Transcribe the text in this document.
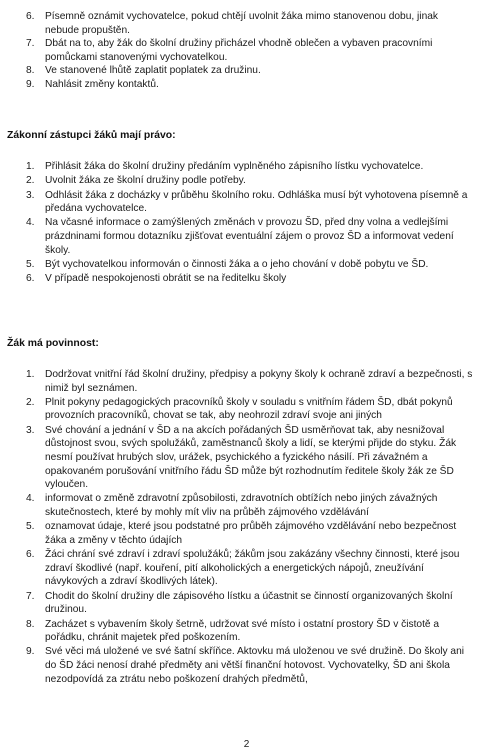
6. Písemně oznámit vychovatelce, pokud chtějí uvolnit žáka mimo stanovenou dobu, jinak nebude propuštěn.
7. Dbát na to, aby žák do školní družiny přicházel vhodně oblečen a vybaven pracovními pomůckami stanovenými vychovatelkou.
8. Ve stanovené lhůtě zaplatit poplatek za družinu.
9. Nahlásit změny kontaktů.
Zákonní zástupci žáků mají právo:
1. Přihlásit žáka do školní družiny předáním vyplněného zápisního lístku vychovatelce.
2. Uvolnit žáka ze školní družiny podle potřeby.
3. Odhlásit žáka z docházky v průběhu školního roku. Odhláška musí být vyhotovena písemně a předána vychovatelce.
4. Na včasné informace o zamýšlených změnách v provozu ŠD, před dny volna a vedlejšími prázdninami formou dotazníku zjišťovat eventuální zájem o provoz ŠD a informovat vedení školy.
5. Být vychovatelkou informován o činnosti žáka a o jeho chování v době pobytu ve ŠD.
6. V případě nespokojenosti obrátit se na ředitelku školy
Žák má povinnost:
1. Dodržovat vnitřní řád školní družiny, předpisy a pokyny školy k ochraně zdraví a bezpečnosti, s nimiž byl seznámen.
2. Plnit pokyny pedagogických pracovníků školy v souladu s vnitřním řádem ŠD, dbát pokynů provozních pracovníků, chovat se tak, aby neohrozil zdraví svoje ani jiných
3. Své chování a jednání v ŠD a na akcích pořádaných ŠD usměrňovat tak, aby nesnižoval důstojnost svou, svých spolužáků, zaměstnanců školy a lidí, se kterými přijde do styku. Žák nesmí používat hrubých slov, urážek, psychického a fyzického násilí. Při závažném a opakovaném porušování vnitřního řádu ŠD může být rozhodnutím ředitele školy žák ze ŠD vyloučen.
4. informovat o změně zdravotní způsobilosti, zdravotních obtížích nebo jiných závažných skutečnostech, které by mohly mít vliv na průběh zájmového vzdělávání
5. oznamovat údaje, které jsou podstatné pro průběh zájmového vzdělávání nebo bezpečnost žáka a změny v těchto údajích
6. Žáci chrání své zdraví i zdraví spolužáků; žákům jsou zakázány všechny činnosti, které jsou zdraví škodlivé (např. kouření, pití alkoholických a energetických nápojů, zneužívání návykových a zdraví škodlivých látek).
7. Chodit do školní družiny dle zápisového lístku a účastnit se činností organizovaných školní družinou.
8. Zacházet s vybavením školy šetrně, udržovat své místo i ostatní prostory ŠD v čistotě a pořádku, chránit majetek před poškozením.
9. Své věci má uložené ve své šatní skříňce. Aktovku má uloženou ve své družině. Do školy ani do ŠD žáci nenosí drahé předměty ani větší finanční hotovost. Vychovatelky, ŠD ani škola nezodpovídá za ztrátu nebo poškození drahých předmětů,
2
